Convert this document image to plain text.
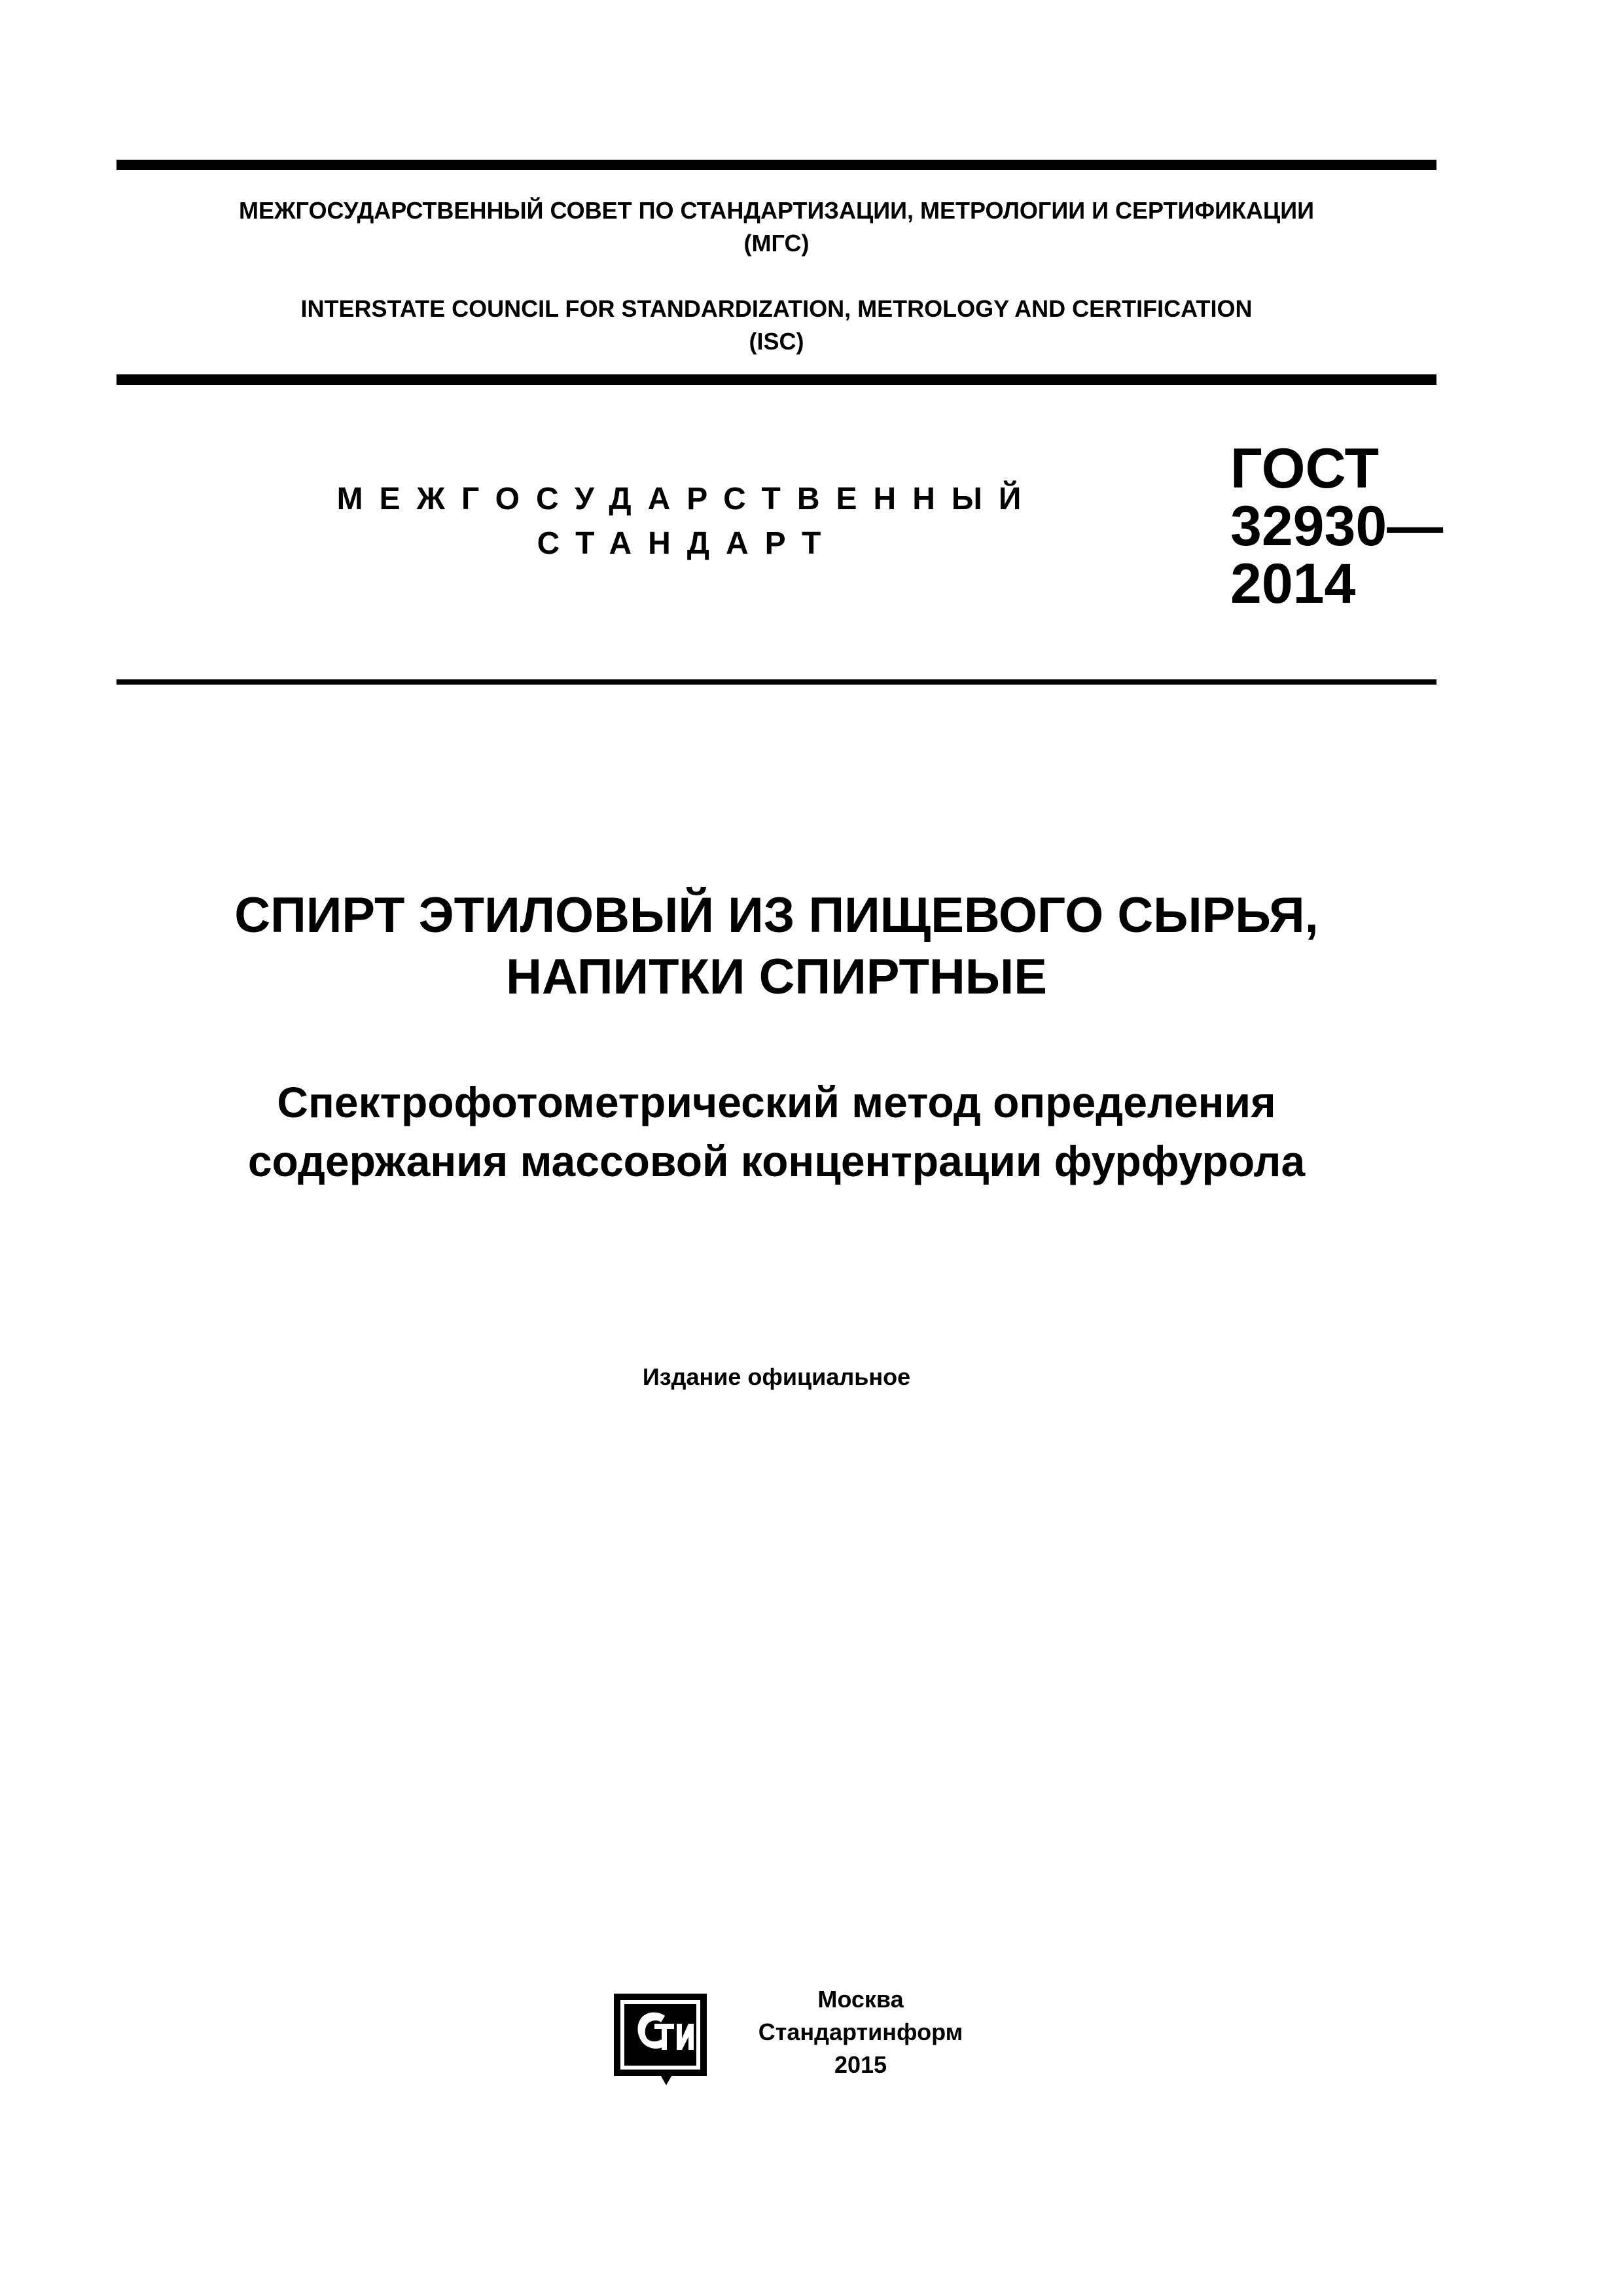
МЕЖГОСУДАРСТВЕННЫЙ СОВЕТ ПО СТАНДАРТИЗАЦИИ, МЕТРОЛОГИИ И СЕРТИФИКАЦИИ
(МГС)
INTERSTATE COUNCIL FOR STANDARDIZATION, METROLOGY AND CERTIFICATION
(ISC)
МЕЖГОСУДАРСТВЕННЫЙ
СТАНДАРТ
ГОСТ
32930—
2014
СПИРТ ЭТИЛОВЫЙ ИЗ ПИЩЕВОГО СЫРЬЯ,
НАПИТКИ СПИРТНЫЕ
Спектрофотометрический метод определения
содержания массовой концентрации фурфурола
Издание официальное
Москва
Стандартинформ
2015
